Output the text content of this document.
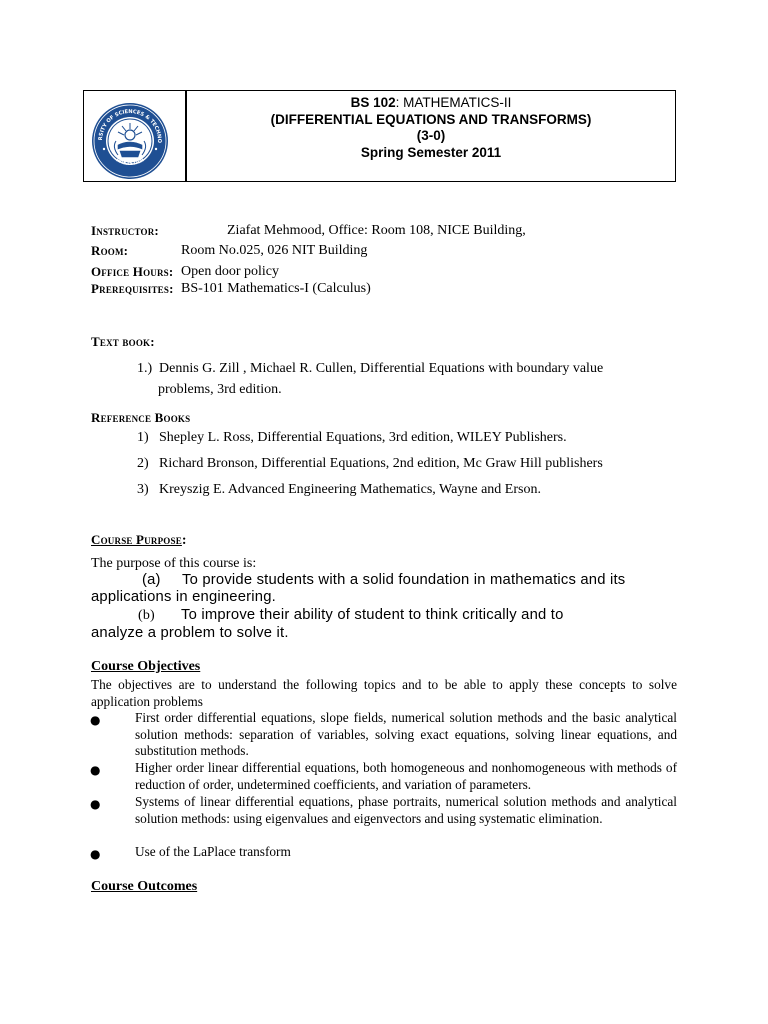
RSITY OF SCIENCES & TECHNO
PAKISTAN
BS 102: MATHEMATICS-II
(DIFFERENTIAL EQUATIONS AND TRANSFORMS)
(3-0)
Spring Semester 2011
Instructor:	Ziafat Mehmood, Office: Room 108, NICE Building,
Room:	Room No.025, 026 NIT Building
Office Hours: Open door policy
Prerequisites: BS-101 Mathematics-I (Calculus)
Text book:
1.) Dennis G. Zill , Michael R. Cullen, Differential Equations with boundary value
problems, 3rd edition.
Reference Books
1) Shepley L. Ross, Differential Equations, 3rd edition, WILEY Publishers.
2) Richard Bronson, Differential Equations, 2nd edition, Mc Graw Hill publishers
3) Kreyszig E. Advanced Engineering Mathematics, Wayne and Erson.
Course Purpose:
The purpose of this course is:
(a) To provide students with a solid foundation in mathematics and its
applications in engineering.
(b) To improve their ability of student to think critically and to
analyze a problem to solve it.
Course Objectives
The objectives are to understand the following topics and to be able to apply these concepts to solve application problems
●	First order differential equations, slope fields, numerical solution methods and the basic analytical solution methods: separation of variables, solving exact equations, solving linear equations, and substitution methods.
●	Higher order linear differential equations, both homogeneous and nonhomogeneous with methods of reduction of order, undetermined coefficients, and variation of parameters.
●	Systems of linear differential equations, phase portraits, numerical solution methods and analytical solution methods: using eigenvalues and eigenvectors and using systematic elimination.
●	Use of the LaPlace transform
Course Outcomes
